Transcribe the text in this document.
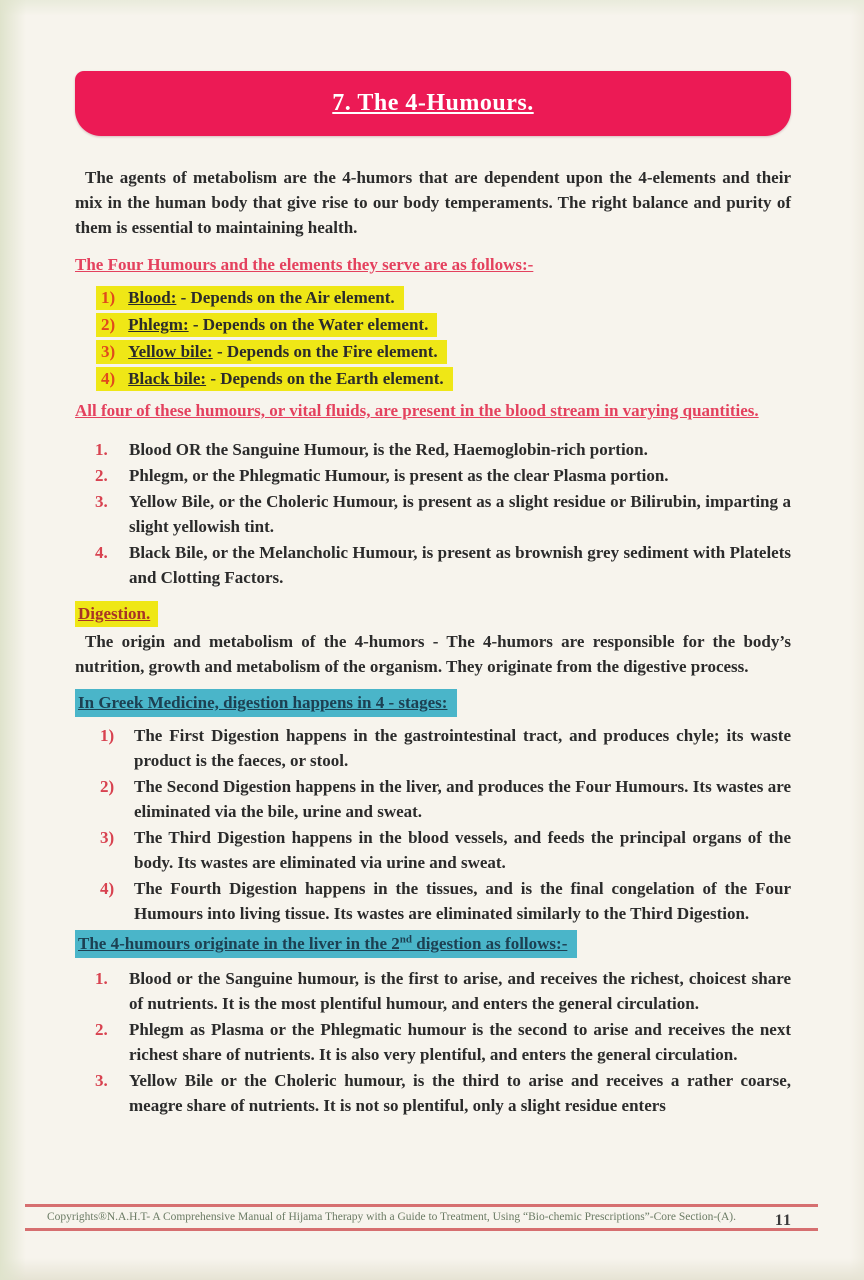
7. The 4-Humours.

The agents of metabolism are the 4-humors that are dependent upon the 4-elements and their mix in the human body that give rise to our body temperaments. The right balance and purity of them is essential to maintaining health.

The Four Humours and the elements they serve are as follows:-
1) Blood: - Depends on the Air element.
2) Phlegm: - Depends on the Water element.
3) Yellow bile: - Depends on the Fire element.
4) Black bile: - Depends on the Earth element.
All four of these humours, or vital fluids, are present in the blood stream in varying quantities.
1.	Blood OR the Sanguine Humour, is the Red, Haemoglobin-rich portion.
2.	Phlegm, or the Phlegmatic Humour, is present as the clear Plasma portion.
3.	Yellow Bile, or the Choleric Humour, is present as a slight residue or Bilirubin, imparting a slight yellowish tint.
4.	Black Bile, or the Melancholic Humour, is present as brownish grey sediment with Platelets and Clotting Factors.
Digestion.

The origin and metabolism of the 4-humors - The 4-humors are responsible for the body’s nutrition, growth and metabolism of the organism. They originate from the digestive process.

In Greek Medicine, digestion happens in 4 - stages:
1)	The First Digestion happens in the gastrointestinal tract, and produces chyle; its waste product is the faeces, or stool.
2)	The Second Digestion happens in the liver, and produces the Four Humours. Its wastes are eliminated via the bile, urine and sweat.
3)	The Third Digestion happens in the blood vessels, and feeds the principal organs of the body. Its wastes are eliminated via urine and sweat.
4)	The Fourth Digestion happens in the tissues, and is the final congelation of the Four Humours into living tissue. Its wastes are eliminated similarly to the Third Digestion.
The 4-humours originate in the liver in the 2nd digestion as follows:-
1.	Blood or the Sanguine humour, is the first to arise, and receives the richest, choicest share of nutrients. It is the most plentiful humour, and enters the general circulation.
2.	Phlegm as Plasma or the Phlegmatic humour is the second to arise and receives the next richest share of nutrients. It is also very plentiful, and enters the general circulation.
3.	Yellow Bile or the Choleric humour, is the third to arise and receives a rather coarse, meagre share of nutrients. It is not so plentiful, only a slight residue enters
Copyrights®N.A.H.T- A Comprehensive Manual of Hijama Therapy with a Guide to Treatment, Using “Bio-chemic Prescriptions”-Core Section-(A).	11
